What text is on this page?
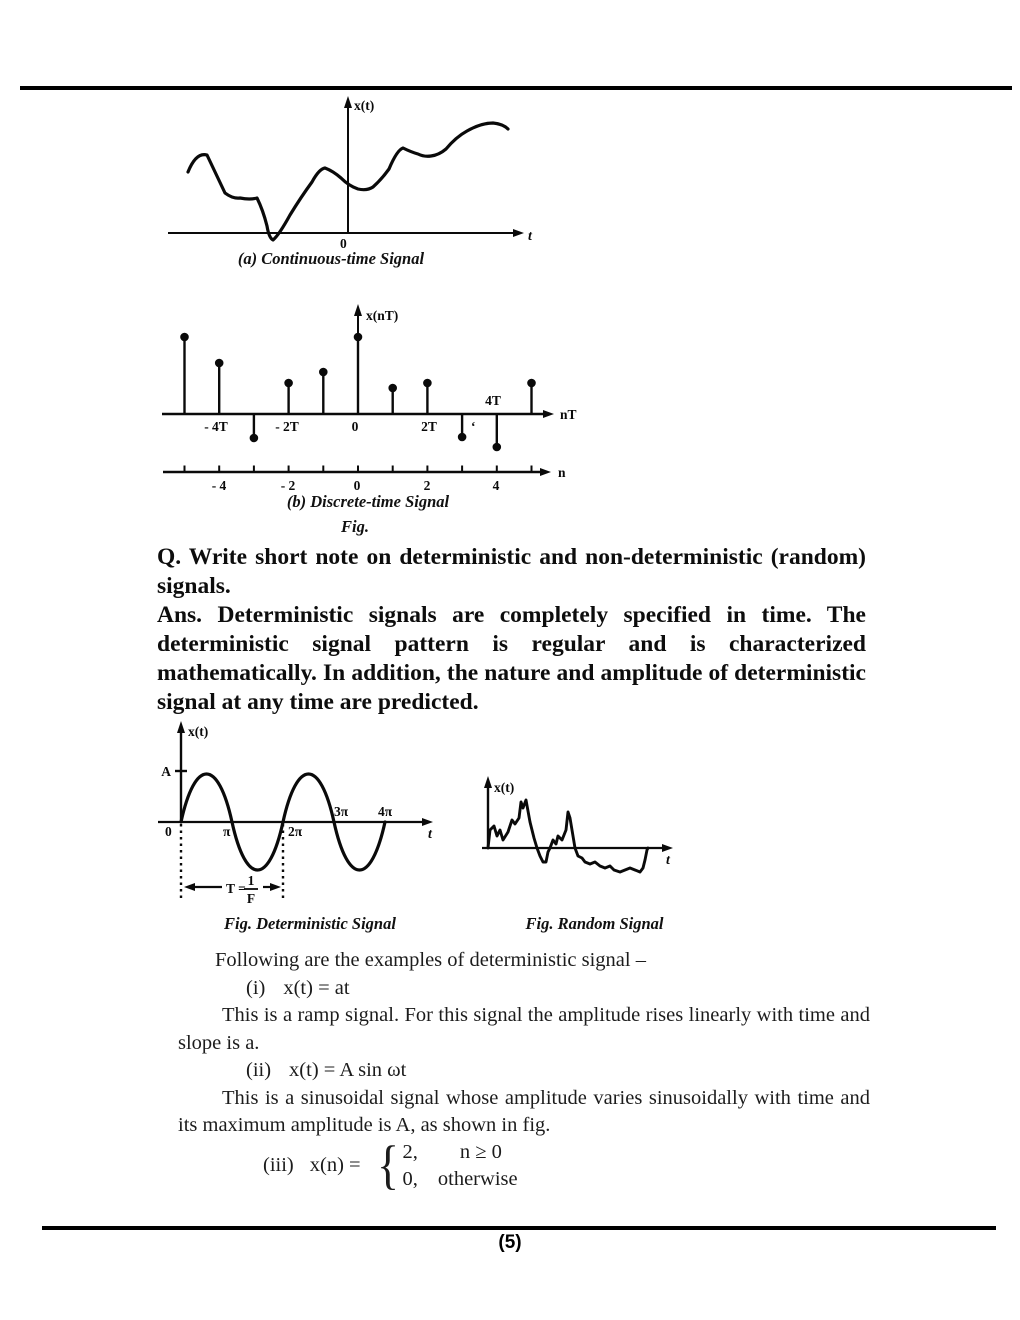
x(t)
t
0
(a) Continuous-time Signal
x(nT)
nT
- 4T	- 2T	0	2T
4T
ʻ
n
- 4	- 2	0	2	4
(b) Discrete-time Signal
Fig.

Q. Write short note on deterministic and non-deterministic (random) signals.

Ans. Deterministic signals are completely specified in time. The deterministic signal pattern is regular and is characterized mathematically. In addition, the nature and amplitude of deterministic signal at any time are predicted.

x(t)
t
A
0	π	2π
3π 4π
T =
1
F
x(t)
t
Fig. Deterministic Signal	Fig. Random Signal

Following are the examples of deterministic signal –

(i) x(t) = at

This is a ramp signal. For this signal the amplitude rises linearly with time and slope is a.

(ii) x(t) = A sin ωt

This is a sinusoidal signal whose amplitude varies sinusoidally with time and its maximum amplitude is A, as shown in fig.

(iii) x(n) = { 2, n ≥ 0
0, otherwise
(5)
